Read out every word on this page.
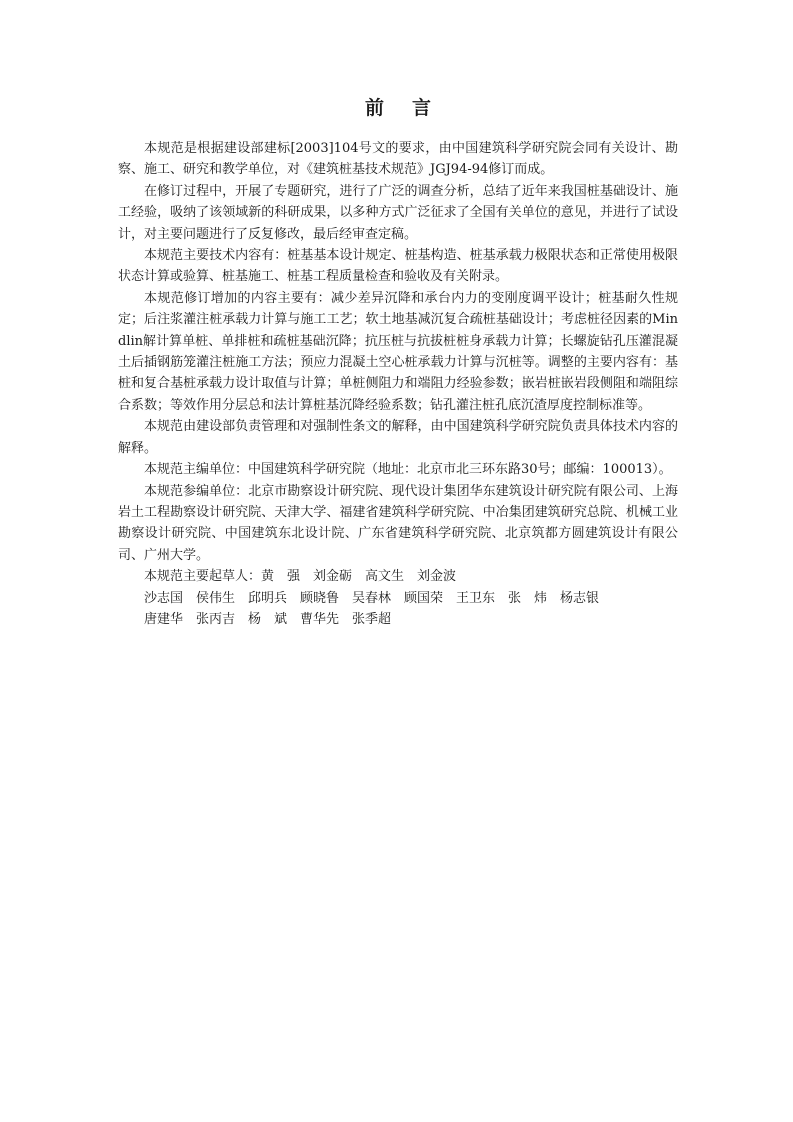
前言

本规范是根据建设部建标[2003]104号文的要求，由中国建筑科学研究院会同有关设计、勘察、施工、研究和教学单位，对《建筑桩基技术规范》JGJ94-94修订而成。

在修订过程中，开展了专题研究，进行了广泛的调查分析，总结了近年来我国桩基础设计、施工经验，吸纳了该领域新的科研成果，以多种方式广泛征求了全国有关单位的意见，并进行了试设计，对主要问题进行了反复修改，最后经审查定稿。

本规范主要技术内容有：桩基基本设计规定、桩基构造、桩基承载力极限状态和正常使用极限状态计算或验算、桩基施工、桩基工程质量检查和验收及有关附录。

本规范修订增加的内容主要有：减少差异沉降和承台内力的变刚度调平设计；桩基耐久性规定；后注浆灌注桩承载力计算与施工工艺；软土地基减沉复合疏桩基础设计；考虑桩径因素的Mindlin解计算单桩、单排桩和疏桩基础沉降；抗压桩与抗拔桩桩身承载力计算；长螺旋钻孔压灌混凝土后插钢筋笼灌注桩施工方法；预应力混凝土空心桩承载力计算与沉桩等。调整的主要内容有：基桩和复合基桩承载力设计取值与计算；单桩侧阻力和端阻力经验参数；嵌岩桩嵌岩段侧阻和端阻综合系数；等效作用分层总和法计算桩基沉降经验系数；钻孔灌注桩孔底沉渣厚度控制标准等。

本规范由建设部负责管理和对强制性条文的解释，由中国建筑科学研究院负责具体技术内容的解释。

本规范主编单位：中国建筑科学研究院（地址：北京市北三环东路30号；邮编：100013）。

本规范参编单位：北京市勘察设计研究院、现代设计集团华东建筑设计研究院有限公司、上海岩土工程勘察设计研究院、天津大学、福建省建筑科学研究院、中冶集团建筑研究总院、机械工业勘察设计研究院、中国建筑东北设计院、广东省建筑科学研究院、北京筑都方圆建筑设计有限公司、广州大学。

本规范主要起草人：黄　强　刘金砺　高文生　刘金波

沙志国　侯伟生　邱明兵　顾晓鲁　吴春林　顾国荣　王卫东　张　炜　杨志银

唐建华　张丙吉　杨　斌　曹华先　张季超
